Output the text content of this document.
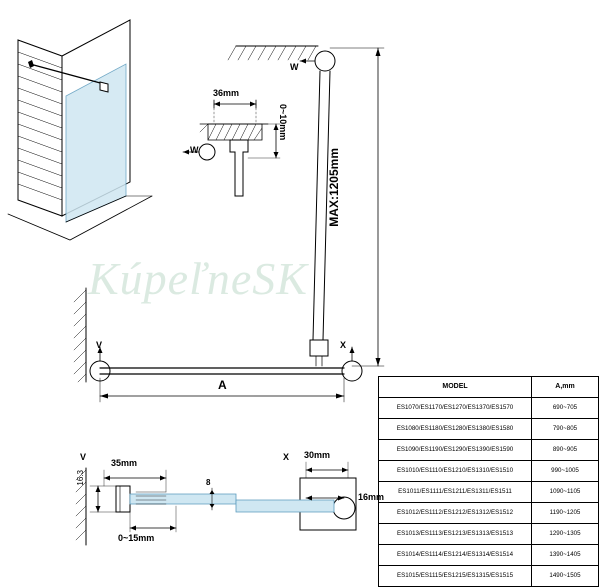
KúpeľneSK
W
W
36mm
0~10mm
MAX:1205mm
V	X
A
V
16.3
35mm
0~15mm
8
X 30mm
16mm
MODEL	A,mm
ES1070/ES1170/ES1270/ES1370/ES1570	690~705
ES1080/ES1180/ES1280/ES1380/ES1580	790~805
ES1090/ES1190/ES1290/ES1390/ES1590	890~905
ES1010/ES1110/ES1210/ES1310/ES1510	990~1005
ES1011/ES1111/ES1211/ES1311/ES1511	1090~1105
ES1012/ES1112/ES1212/ES1312/ES1512	1190~1205
ES1013/ES1113/ES1213/ES1313/ES1513	1290~1305
ES1014/ES1114/ES1214/ES1314/ES1514	1390~1405
ES1015/ES1115/ES1215/ES1315/ES1515	1490~1505
